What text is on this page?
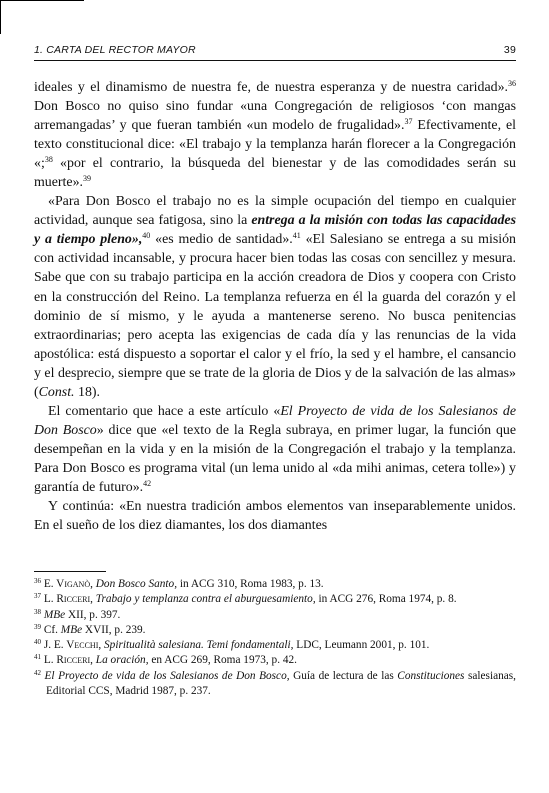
1. CARTA DEL RECTOR MAYOR	39

ideales y el dinamismo de nuestra fe, de nuestra esperanza y de nuestra caridad».$^{36}$ Don Bosco no quiso sino fundar «una Congregación de religiosos ‘con mangas arremangadas’ y que fueran también «un modelo de frugalidad».$^{37}$ Efectivamente, el texto constitucional dice: «El trabajo y la templanza harán florecer a la Congregación «;$^{38}$ «por el contrario, la búsqueda del bienestar y de las comodidades serán su muerte».$^{39}$

«Para Don Bosco el trabajo no es la simple ocupación del tiempo en cualquier actividad, aunque sea fatigosa, sino la entrega a la misión con todas las capacidades y a tiempo pleno»,$^{40}$ «es medio de santidad».$^{41}$ «El Salesiano se entrega a su misión con actividad incansable, y procura hacer bien todas las cosas con sencillez y mesura. Sabe que con su trabajo participa en la acción creadora de Dios y coopera con Cristo en la construcción del Reino. La templanza refuerza en él la guarda del corazón y el dominio de sí mismo, y le ayuda a mantenerse sereno. No busca penitencias extraordinarias; pero acepta las exigencias de cada día y las renuncias de la vida apostólica: está dispuesto a soportar el calor y el frío, la sed y el hambre, el cansancio y el desprecio, siempre que se trate de la gloria de Dios y de la salvación de las almas» (Const. 18).

El comentario que hace a este artículo «El Proyecto de vida de los Salesianos de Don Bosco» dice que «el texto de la Regla subraya, en primer lugar, la función que desempeñan en la vida y en la misión de la Congregación el trabajo y la templanza. Para Don Bosco es programa vital (un lema unido al «da mihi animas, cetera tolle») y garantía de futuro».$^{42}$

Y continúa: «En nuestra tradición ambos elementos van inseparablemente unidos. En el sueño de los diez diamantes, los dos diamantes

$^{36}$ E. Viganò, Don Bosco Santo, in ACG 310, Roma 1983, p. 13.
$^{37}$ L. Ricceri, Trabajo y templanza contra el aburguesamiento, in ACG 276, Roma 1974, p. 8.
$^{38}$ MBe XII, p. 397.
$^{39}$ Cf. MBe XVII, p. 239.
$^{40}$ J. E. Vecchi, Spiritualità salesiana. Temi fondamentali, LDC, Leumann 2001, p. 101.
$^{41}$ L. Ricceri, La oración, en ACG 269, Roma 1973, p. 42.
$^{42}$ El Proyecto de vida de los Salesianos de Don Bosco, Guía de lectura de las Constituciones salesianas, Editorial CCS, Madrid 1987, p. 237.
